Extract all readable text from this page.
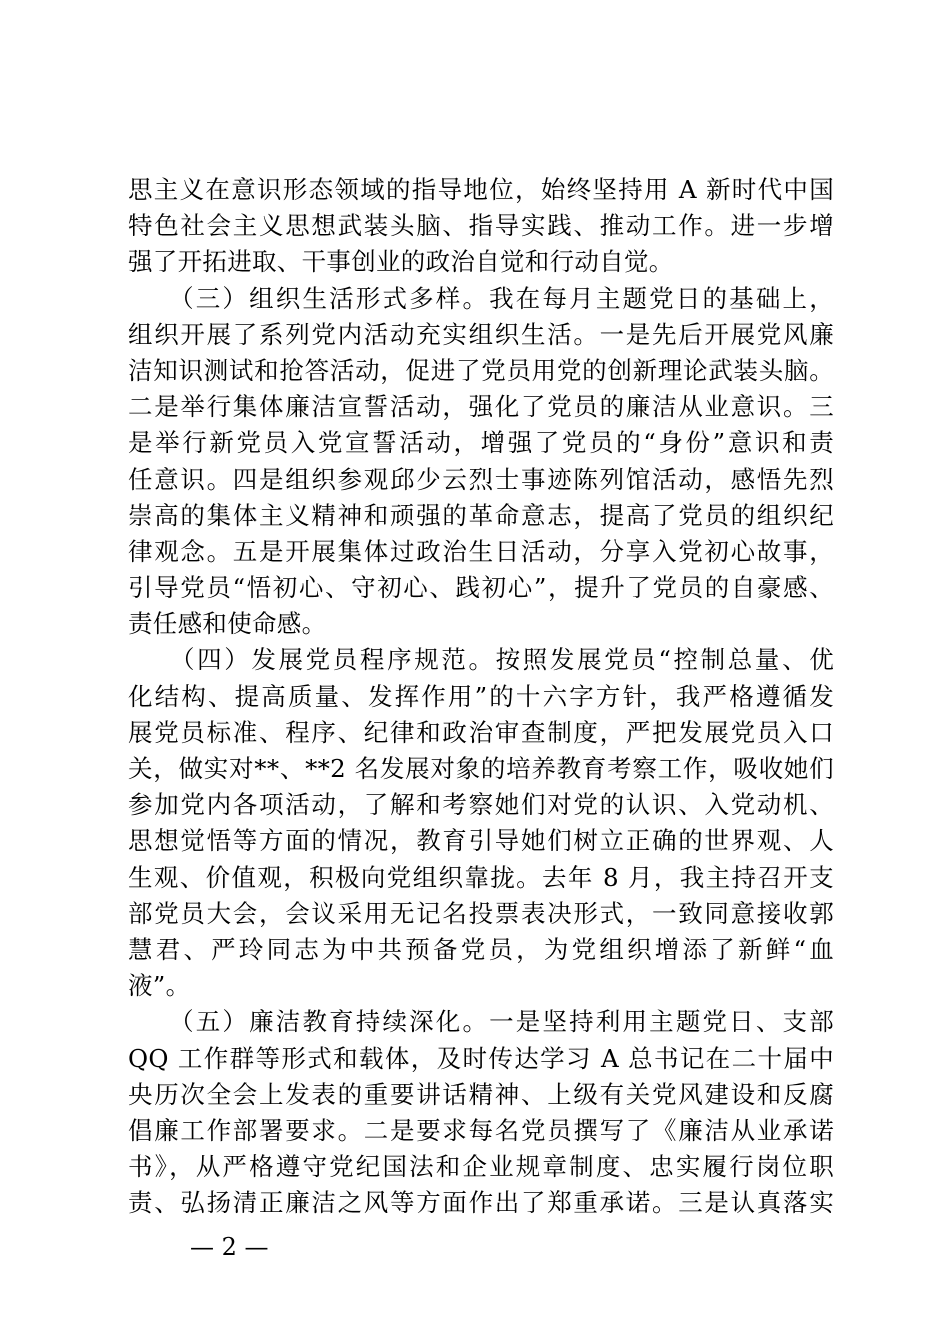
思主义在意识形态领域的指导地位，始终坚持用 A 新时代中国
特色社会主义思想武装头脑、指导实践、推动工作。进一步增
强了开拓进取、干事创业的政治自觉和行动自觉。
　　（三）组织生活形式多样。我在每月主题党日的基础上，
组织开展了系列党内活动充实组织生活。一是先后开展党风廉
洁知识测试和抢答活动，促进了党员用党的创新理论武装头脑。
二是举行集体廉洁宣誓活动，强化了党员的廉洁从业意识。三
是举行新党员入党宣誓活动，增强了党员的“身份”意识和责
任意识。四是组织参观邱少云烈士事迹陈列馆活动，感悟先烈
崇高的集体主义精神和顽强的革命意志，提高了党员的组织纪
律观念。五是开展集体过政治生日活动，分享入党初心故事，
引导党员“悟初心、守初心、践初心”，提升了党员的自豪感、
责任感和使命感。
　　（四）发展党员程序规范。按照发展党员“控制总量、优
化结构、提高质量、发挥作用”的十六字方针，我严格遵循发
展党员标准、程序、纪律和政治审查制度，严把发展党员入口
关，做实对**、**2 名发展对象的培养教育考察工作，吸收她们
参加党内各项活动，了解和考察她们对党的认识、入党动机、
思想觉悟等方面的情况，教育引导她们树立正确的世界观、人
生观、价值观，积极向党组织靠拢。去年 8 月，我主持召开支
部党员大会，会议采用无记名投票表决形式，一致同意接收郭
慧君、严玲同志为中共预备党员，为党组织增添了新鲜“血
液”。
　　（五）廉洁教育持续深化。一是坚持利用主题党日、支部
QQ 工作群等形式和载体，及时传达学习 A 总书记在二十届中
央历次全会上发表的重要讲话精神、上级有关党风建设和反腐
倡廉工作部署要求。二是要求每名党员撰写了《廉洁从业承诺
书》，从严格遵守党纪国法和企业规章制度、忠实履行岗位职
责、弘扬清正廉洁之风等方面作出了郑重承诺。三是认真落实
— 2 —
